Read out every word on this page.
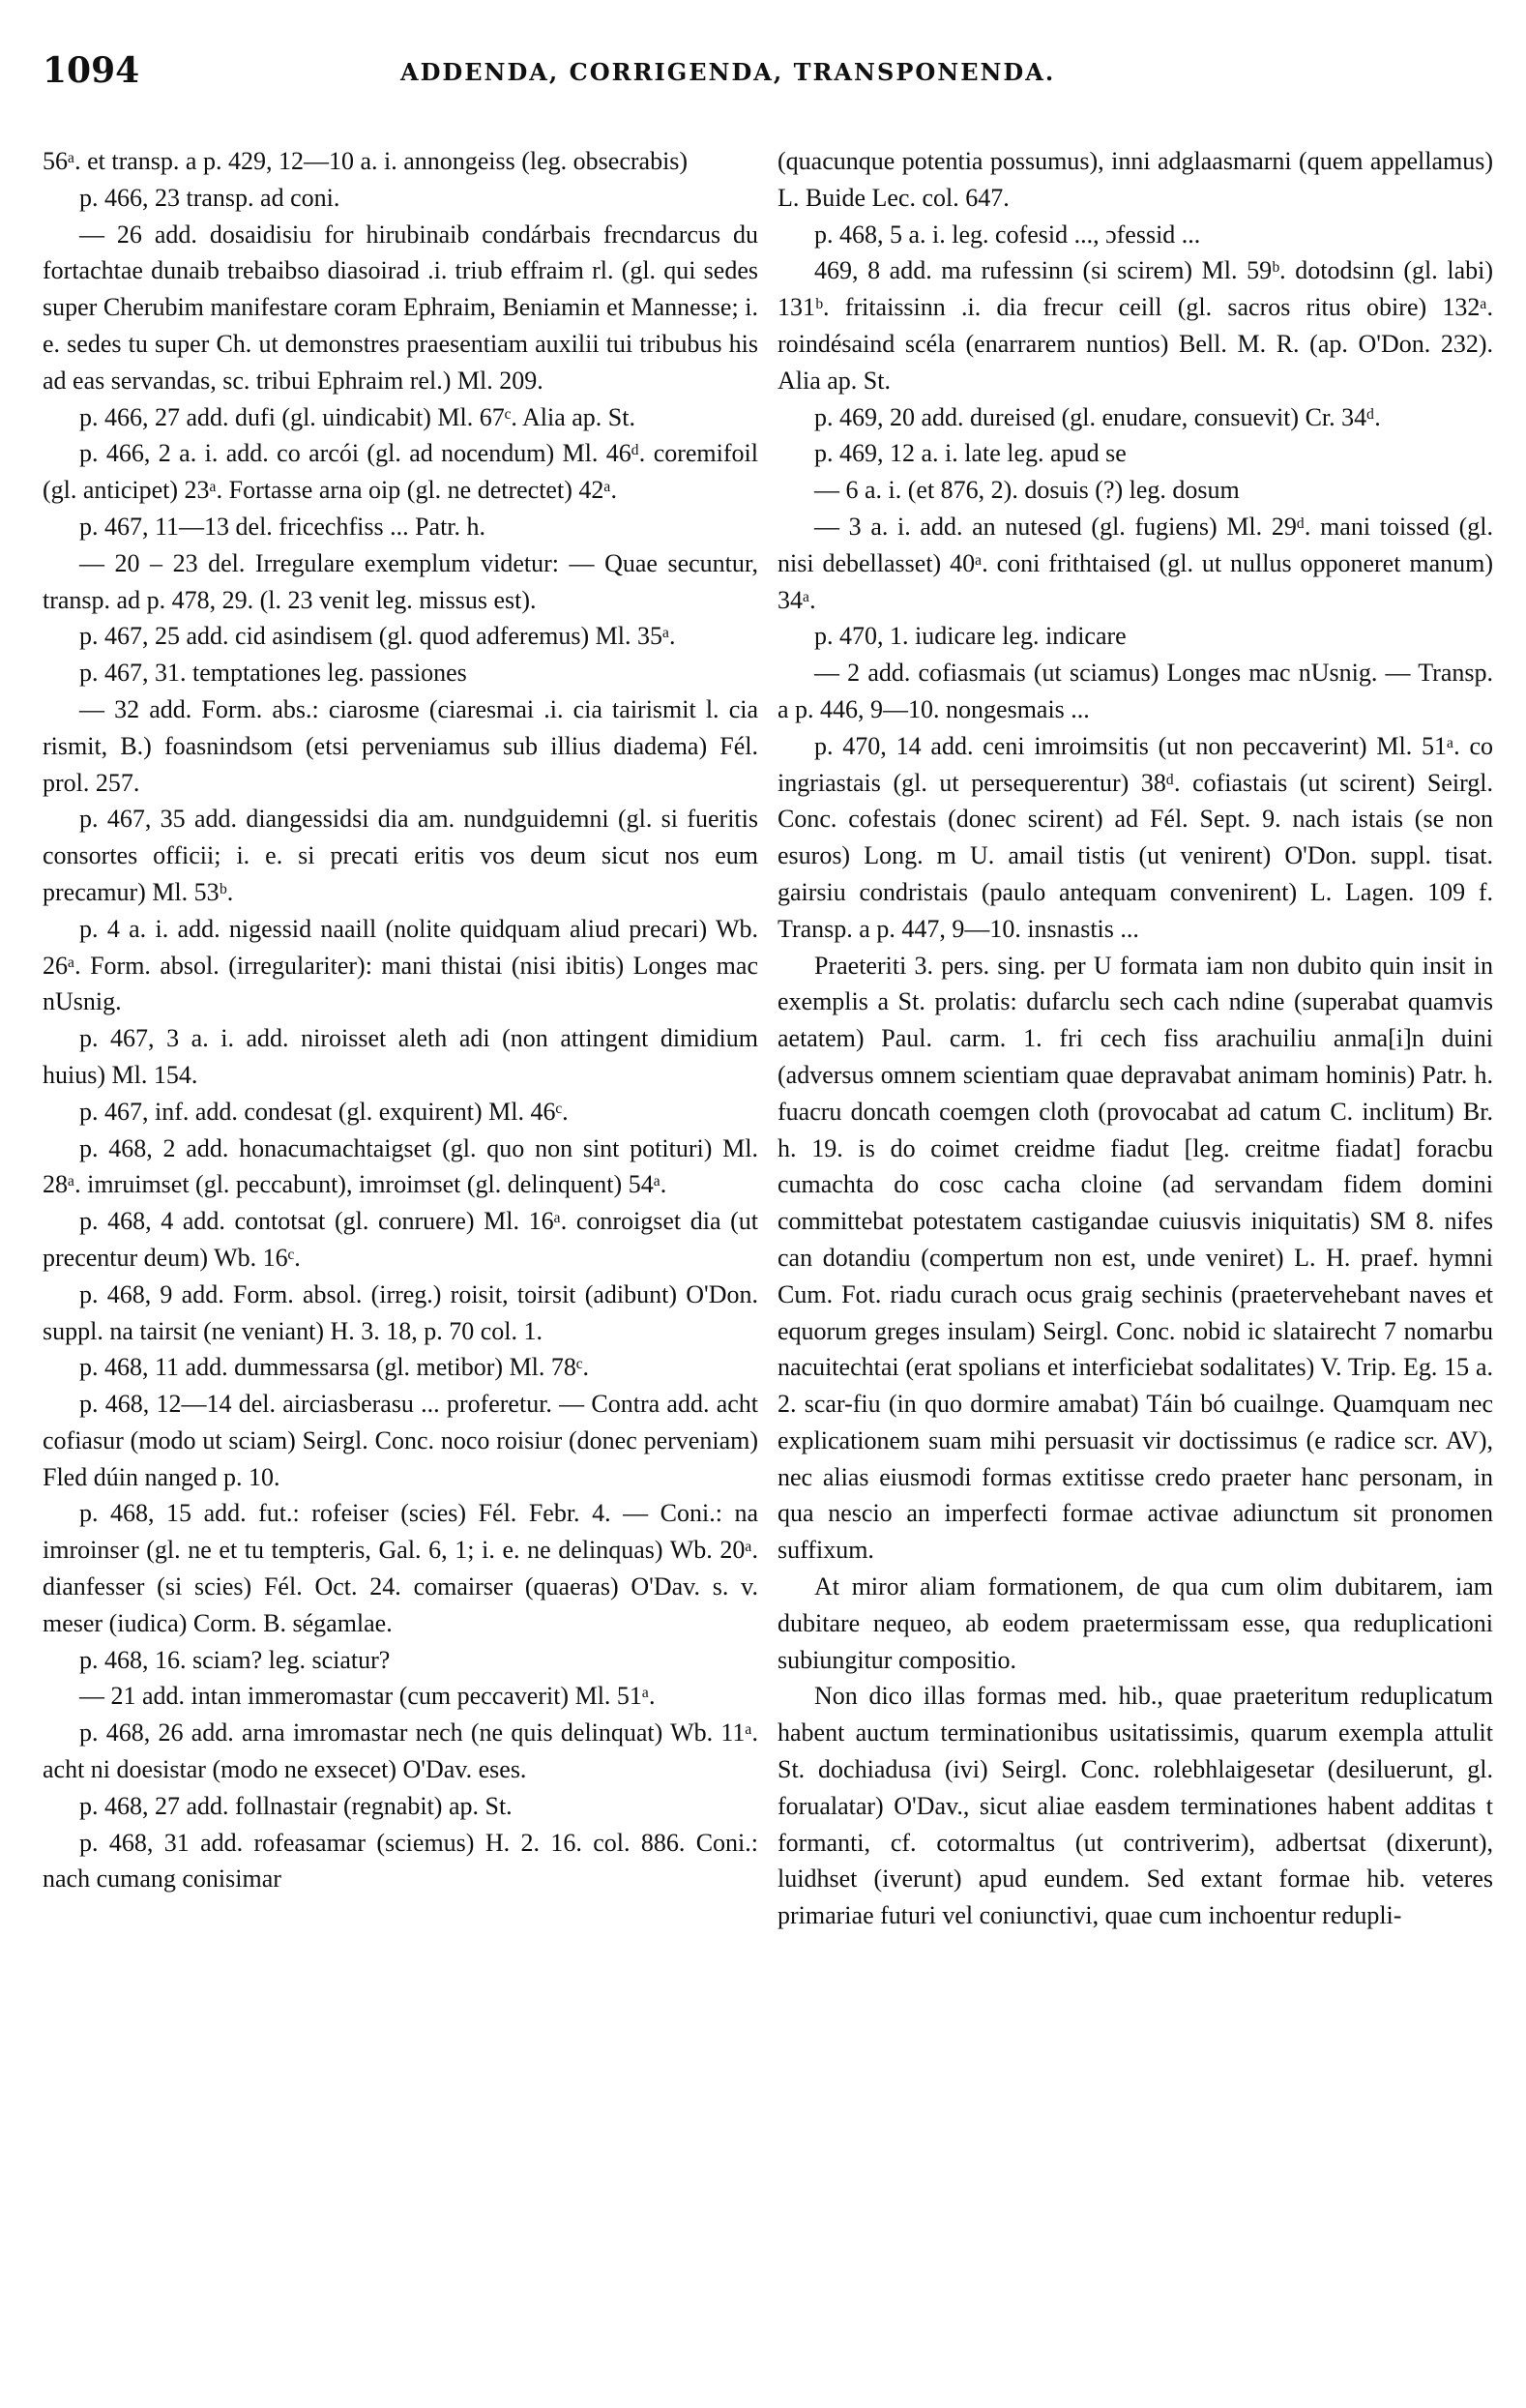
1094	ADDENDA, CORRIGENDA, TRANSPONENDA.

56ᵃ. et transp. a p. 429, 12—10 a. i. annongeiss (leg. obsecrabis)

p. 466, 23 transp. ad coni.

— 26 add. dosaidisiu for hirubinaib condárbais frecndarcus du fortachtae dunaib trebaibso diasoirad .i. triub effraim rl. (gl. qui sedes super Cherubim manifestare coram Ephraim, Beniamin et Mannesse; i. e. sedes tu super Ch. ut demonstres praesentiam auxilii tui tribubus his ad eas servandas, sc. tribui Ephraim rel.) Ml. 209.

p. 466, 27 add. dufi (gl. uindicabit) Ml. 67ᶜ. Alia ap. St.

p. 466, 2 a. i. add. co arcói (gl. ad nocendum) Ml. 46ᵈ. coremifoil (gl. anticipet) 23ᵃ. Fortasse arna oip (gl. ne detrectet) 42ᵃ.

p. 467, 11—13 del. fricechfiss ... Patr. h.

— 20 – 23 del. Irregulare exemplum videtur: — Quae secuntur, transp. ad p. 478, 29. (l. 23 venit leg. missus est).

p. 467, 25 add. cid asindisem (gl. quod adferemus) Ml. 35ᵃ.

p. 467, 31. temptationes leg. passiones

— 32 add. Form. abs.: ciarosme (ciaresmai .i. cia tairismit l. cia rismit, B.) foasnindsom (etsi perveniamus sub illius diadema) Fél. prol. 257.

p. 467, 35 add. diangessidsi dia am. nundguidemni (gl. si fueritis consortes officii; i. e. si precati eritis vos deum sicut nos eum precamur) Ml. 53ᵇ.

p. 4 a. i. add. nigessid naaill (nolite quidquam aliud precari) Wb. 26ᵃ. Form. absol. (irregulariter): mani thistai (nisi ibitis) Longes mac nUsnig.

p. 467, 3 a. i. add. niroisset aleth adi (non attingent dimidium huius) Ml. 154.

p. 467, inf. add. condesat (gl. exquirent) Ml. 46ᶜ.

p. 468, 2 add. honacumachtaigset (gl. quo non sint potituri) Ml. 28ᵃ. imruimset (gl. peccabunt), imroimset (gl. delinquent) 54ᵃ.

p. 468, 4 add. contotsat (gl. conruere) Ml. 16ᵃ. conroigset dia (ut precentur deum) Wb. 16ᶜ.

p. 468, 9 add. Form. absol. (irreg.) roisit, toirsit (adibunt) O'Don. suppl. na tairsit (ne veniant) H. 3. 18, p. 70 col. 1.

p. 468, 11 add. dummessarsa (gl. metibor) Ml. 78ᶜ.

p. 468, 12—14 del. airciasberasu ... proferetur. — Contra add. acht cofiasur (modo ut sciam) Seirgl. Conc. noco roisiur (donec perveniam) Fled dúin nanged p. 10.

p. 468, 15 add. fut.: rofeiser (scies) Fél. Febr. 4. — Coni.: na imroinser (gl. ne et tu tempteris, Gal. 6, 1; i. e. ne delinquas) Wb. 20ᵃ. dianfesser (si scies) Fél. Oct. 24. comairser (quaeras) O'Dav. s. v. meser (iudica) Corm. B. ségamlae.

p. 468, 16. sciam? leg. sciatur?

— 21 add. intan immeromastar (cum peccaverit) Ml. 51ᵃ.

p. 468, 26 add. arna imromastar nech (ne quis delinquat) Wb. 11ᵃ. acht ni doesistar (modo ne exsecet) O'Dav. eses.

p. 468, 27 add. follnastair (regnabit) ap. St.

p. 468, 31 add. rofeasamar (sciemus) H. 2. 16. col. 886. Coni.: nach cumang conisimar

(quacunque potentia possumus), inni adglaasmarni (quem appellamus) L. Buide Lec. col. 647.

p. 468, 5 a. i. leg. cofesid ..., ɔfessid ...

469, 8 add. ma rufessinn (si scirem) Ml. 59ᵇ. dotodsinn (gl. labi) 131ᵇ. fritaissinn .i. dia frecur ceill (gl. sacros ritus obire) 132ᵃ. roindésaind scéla (enarrarem nuntios) Bell. M. R. (ap. O'Don. 232). Alia ap. St.

p. 469, 20 add. dureised (gl. enudare, consuevit) Cr. 34ᵈ.

p. 469, 12 a. i. late leg. apud se

— 6 a. i. (et 876, 2). dosuis (?) leg. dosum

— 3 a. i. add. an nutesed (gl. fugiens) Ml. 29ᵈ. mani toissed (gl. nisi debellasset) 40ᵃ. coni frithtaised (gl. ut nullus opponeret manum) 34ᵃ.

p. 470, 1. iudicare leg. indicare

— 2 add. cofiasmais (ut sciamus) Longes mac nUsnig. — Transp. a p. 446, 9—10. nongesmais ...

p. 470, 14 add. ceni imroimsitis (ut non peccaverint) Ml. 51ᵃ. co ingriastais (gl. ut persequerentur) 38ᵈ. cofiastais (ut scirent) Seirgl. Conc. cofestais (donec scirent) ad Fél. Sept. 9. nach istais (se non esuros) Long. m U. amail tistis (ut venirent) O'Don. suppl. tisat. gairsiu condristais (paulo antequam convenirent) L. Lagen. 109 f. Transp. a p. 447, 9—10. insnastis ...

Praeteriti 3. pers. sing. per U formata iam non dubito quin insit in exemplis a St. prolatis: dufarclu sech cach ndine (superabat quamvis aetatem) Paul. carm. 1. fri cech fiss arachuiliu anma[i]n duini (adversus omnem scientiam quae depravabat animam hominis) Patr. h. fuacru doncath coemgen cloth (provocabat ad catum C. inclitum) Br. h. 19. is do coimet creidme fiadut [leg. creitme fiadat] foracbu cumachta do cosc cacha cloine (ad servandam fidem domini committebat potestatem castigandae cuiusvis iniquitatis) SM 8. nifes can dotandiu (compertum non est, unde veniret) L. H. praef. hymni Cum. Fot. riadu curach ocus graig sechinis (praetervehebant naves et equorum greges insulam) Seirgl. Conc. nobid ic slataireсht 7 nomarbu nacuitechtai (erat spolians et interficiebat sodalitates) V. Trip. Eg. 15 a. 2. scar-fiu (in quo dormire amabat) Táin bó cuailnge. Quamquam nec explicationem suam mihi persuasit vir doctissimus (e radice scr. AV), nec alias eiusmodi formas extitisse credo praeter hanc personam, in qua nescio an imperfecti formae activae adiunctum sit pronomen suffixum.

At miror aliam formationem, de qua cum olim dubitarem, iam dubitare nequeo, ab eodem praetermissam esse, qua reduplicationi subiungitur compositio.

Non dico illas formas med. hib., quae praeteritum reduplicatum habent auctum terminationibus usitatissimis, quarum exempla attulit St. dochiadusa (ivi) Seirgl. Conc. rolebhlaigesetar (desiluerunt, gl. forualatar) O'Dav., sicut aliae easdem terminationes habent additas t formanti, cf. cotormaltus (ut contriverim), adbertsat (dixerunt), luidhset (iverunt) apud eundem. Sed extant formae hib. veteres primariae futuri vel coniunctivi, quae cum inchoentur redupli-
